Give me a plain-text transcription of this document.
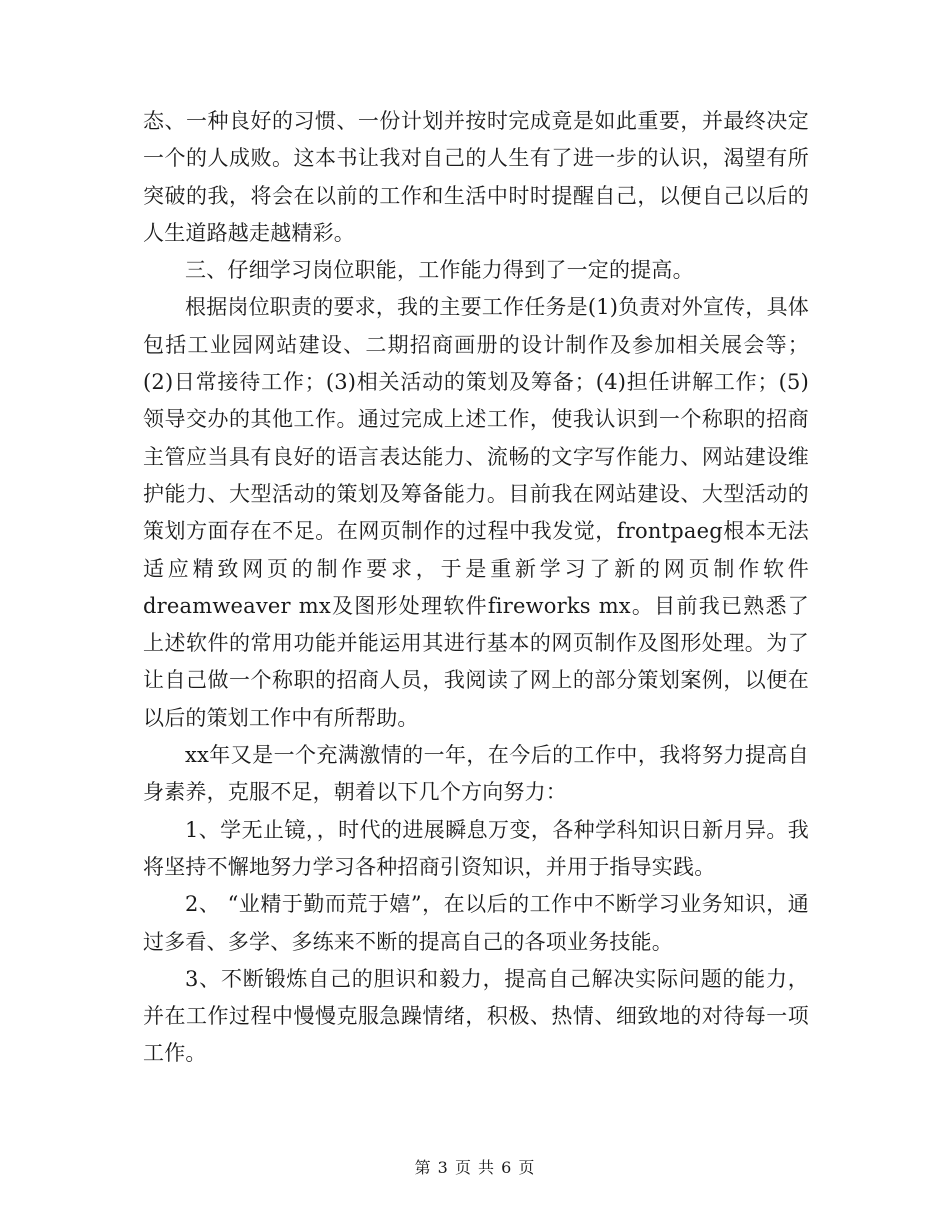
态、一种良好的习惯、一份计划并按时完成竟是如此重要，并最终决定一个的人成败。这本书让我对自己的人生有了进一步的认识，渴望有所突破的我，将会在以前的工作和生活中时时提醒自己，以便自己以后的人生道路越走越精彩。

三、仔细学习岗位职能，工作能力得到了一定的提高。

根据岗位职责的要求，我的主要工作任务是(1)负责对外宣传，具体包括工业园网站建设、二期招商画册的设计制作及参加相关展会等；(2)日常接待工作；(3)相关活动的策划及筹备；(4)担任讲解工作；(5)领导交办的其他工作。通过完成上述工作，使我认识到一个称职的招商主管应当具有良好的语言表达能力、流畅的文字写作能力、网站建设维护能力、大型活动的策划及筹备能力。目前我在网站建设、大型活动的策划方面存在不足。在网页制作的过程中我发觉，frontpaeg根本无法适应精致网页的制作要求，于是重新学习了新的网页制作软件dreamweaver mx及图形处理软件fireworks mx。目前我已熟悉了上述软件的常用功能并能运用其进行基本的网页制作及图形处理。为了让自己做一个称职的招商人员，我阅读了网上的部分策划案例，以便在以后的策划工作中有所帮助。

xx年又是一个充满激情的一年，在今后的工作中，我将努力提高自身素养，克服不足，朝着以下几个方向努力：

1、学无止镜，，时代的进展瞬息万变，各种学科知识日新月异。我将坚持不懈地努力学习各种招商引资知识，并用于指导实践。

2、 “业精于勤而荒于嬉”，在以后的工作中不断学习业务知识，通过多看、多学、多练来不断的提高自己的各项业务技能。

3、不断锻炼自己的胆识和毅力，提高自己解决实际问题的能力，并在工作过程中慢慢克服急躁情绪，积极、热情、细致地的对待每一项工作。

第 3 页 共 6 页
